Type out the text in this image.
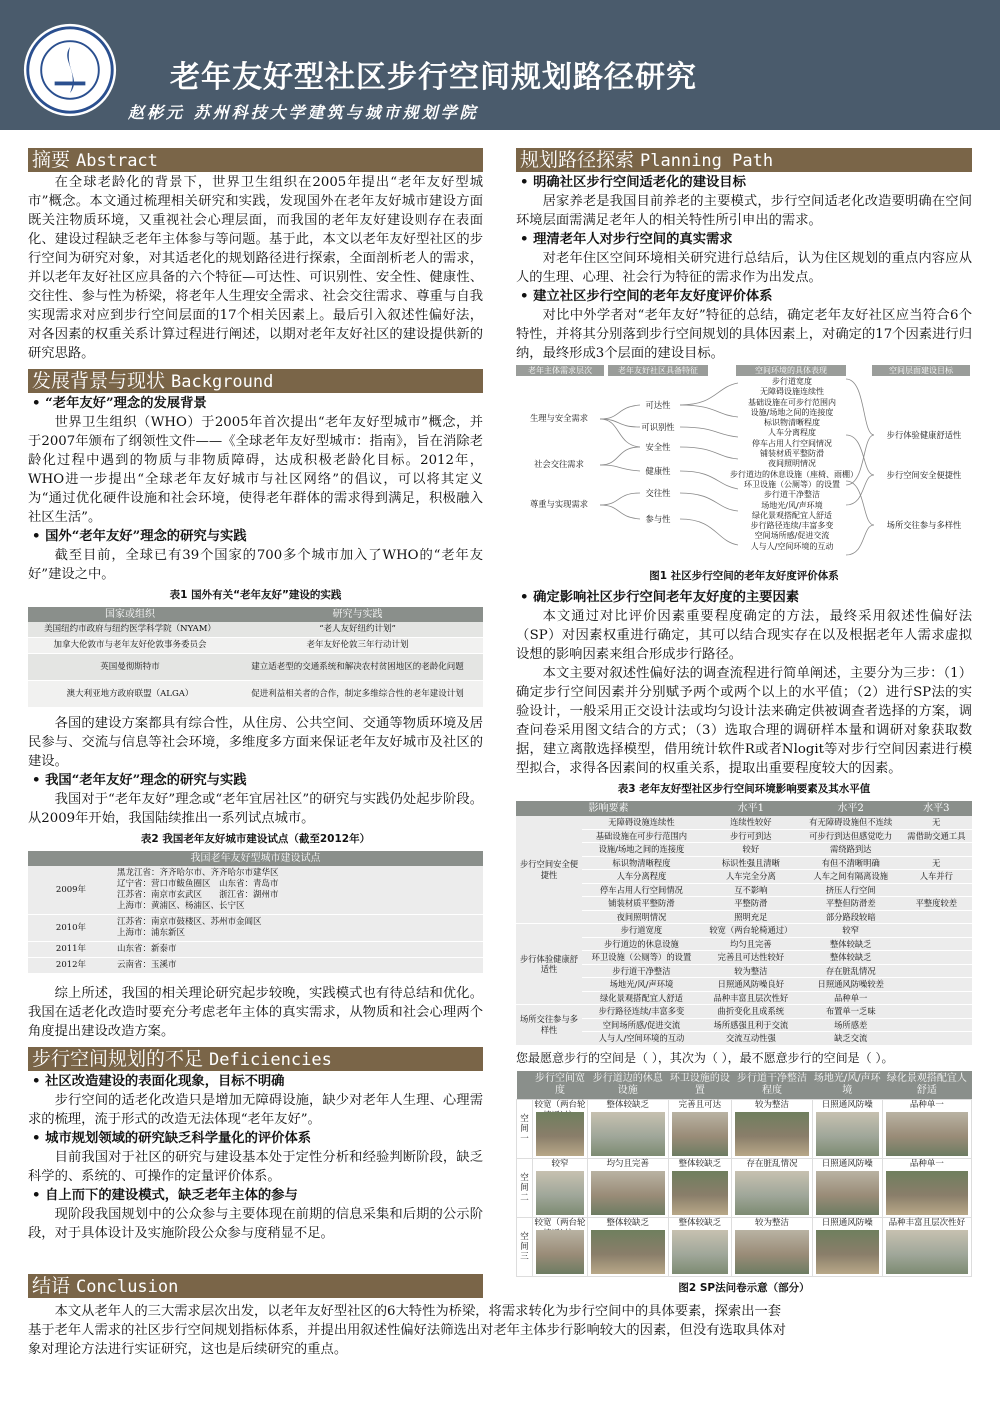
老年友好型社区步行空间规划路径研究
赵彬元 苏州科技大学建筑与城市规划学院
摘要 Abstract

在全球老龄化的背景下，世界卫生组织在2005年提出“老年友好型城市”概念。本文通过梳理相关研究和实践，发现国外在老年友好城市建设方面既关注物质环境，又重视社会心理层面，而我国的老年友好建设则存在表面化、建设过程缺乏老年主体参与等问题。基于此，本文以老年友好型社区的步行空间为研究对象，对其适老化的规划路径进行探索，全面剖析老人的需求，并以老年友好社区应具备的六个特征—可达性、可识别性、安全性、健康性、交往性、参与性为桥梁，将老年人生理安全需求、社会交往需求、尊重与自我实现需求对应到步行空间层面的17个相关因素上。最后引入叙述性偏好法，对各因素的权重关系计算过程进行阐述，以期对老年友好社区的建设提供新的研究思路。

发展背景与现状 Background
• “老年友好”理念的发展背景

世界卫生组织（WHO）于2005年首次提出“老年友好型城市”概念，并于2007年颁布了纲领性文件——《全球老年友好型城市：指南》，旨在消除老龄化过程中遇到的物质与非物质障碍，达成积极老龄化目标。2012年，WHO进一步提出“全球老年友好城市与社区网络”的倡议，可以将其定义为“通过优化硬件设施和社会环境，使得老年群体的需求得到满足，积极融入社区生活”。

• 国外“老年友好”理念的研究与实践

截至目前，全球已有39个国家的700多个城市加入了WHO的“老年友好”建设之中。

表1 国外有关“老年友好”建设的实践
国家或组织	研究与实践
美国纽约市政府与纽约医学科学院（NYAM）	“老人友好纽约计划”
加拿大伦敦市与老年友好伦敦事务委员会	老年友好伦敦三年行动计划
英国曼彻斯特市	建立适老型的交通系统和解决农村贫困地区的老龄化问题
澳大利亚地方政府联盟（ALGA）	促进利益相关者的合作，制定多维综合性的老年建设计划

各国的建设方案都具有综合性，从住房、公共空间、交通等物质环境及居民参与、交流与信息等社会环境，多维度多方面来保证老年友好城市及社区的建设。

• 我国“老年友好”理念的研究与实践

我国对于“老年友好”理念或“老年宜居社区”的研究与实践仍处起步阶段。从2009年开始，我国陆续推出一系列试点城市。

表2 我国老年友好城市建设试点（截至2012年）
我国老年友好型城市建设试点	
2009年	黑龙江省：齐齐哈尔市、齐齐哈尔市建华区
辽宁省：营口市鲅鱼圈区　山东省：青岛市
江苏省：南京市玄武区　　浙江省：湖州市
上海市：黄浦区、杨浦区、长宁区

2010年	江苏省：南京市鼓楼区、苏州市金阊区
上海市：浦东新区

2011年	山东省：新泰市

2012年	云南省：玉溪市

综上所述，我国的相关理论研究起步较晚，实践模式也有待总结和优化。我国在适老化改造时要充分考虑老年主体的真实需求，从物质和社会心理两个角度提出建设改造方案。

步行空间规划的不足 Deficiencies
• 社区改造建设的表面化现象，目标不明确

步行空间的适老化改造只是增加无障碍设施，缺少对老年人生理、心理需求的梳理，流于形式的改造无法体现“老年友好”。

• 城市规划领域的研究缺乏科学量化的评价体系

目前我国对于社区的研究与建设基本处于定性分析和经验判断阶段，缺乏科学的、系统的、可操作的定量评价体系。

• 自上而下的建设模式，缺乏老年主体的参与

现阶段我国规划中的公众参与主要体现在前期的信息采集和后期的公示阶段，对于具体设计及实施阶段公众参与度稍显不足。

结语 Conclusion

本文从老年人的三大需求层次出发，以老年友好型社区的6大特性为桥梁，将需求转化为步行空间中的具体要素，探索出一套基于老年人需求的社区步行空间规划指标体系，并提出用叙述性偏好法筛选出对老年主体步行影响较大的因素，但没有选取具体对象对理论方法进行实证研究，这也是后续研究的重点。

规划路径探索 Planning Path
• 明确社区步行空间适老化的建设目标

居家养老是我国目前养老的主要模式，步行空间适老化改造要明确在空间环境层面需满足老年人的相关特性所引申出的需求。

• 理清老年人对步行空间的真实需求

对老年住区空间环境相关研究进行总结后，认为住区规划的重点内容应从人的生理、心理、社会行为特征的需求作为出发点。

• 建立社区步行空间的老年友好度评价体系

对比中外学者对“老年友好”特征的总结，确定老年友好社区应当符合6个特性，并将其分别落到步行空间规划的具体因素上，对确定的17个因素进行归纳，最终形成3个层面的建设目标。

老年主体需求层次	老年友好社区具备特征	空间环境的具体表现	空间层面建设目标
生理与安全需求
社会交往需求
尊重与实现需求
可达性
可识别性
安全性
健康性
交往性
参与性
步行道宽度
无障碍设施连续性
基础设施在可步行范围内
设施/场地之间的连接度
标识物清晰程度
人车分离程度
停车占用人行空间情况
铺装材质平整防滑
夜间照明情况
步行道边的休息设施（座椅、雨棚）
环卫设施（公厕等）的设置
步行道干净整洁
场地光/风/声环境
绿化景观搭配宜人舒适
步行路径连续/丰富多变
空间场所感/促进交流
人与人/空间环境的互动
步行体验健康舒适性
步行空间安全便捷性
场所交往参与多样性
图1 社区步行空间的老年友好度评价体系
• 确定影响社区步行空间老年友好度的主要因素

本文通过对比评价因素重要程度确定的方法，最终采用叙述性偏好法（SP）对因素权重进行确定，其可以结合现实存在以及根据老年人需求虚拟设想的影响因素来组合形成步行路径。

本文主要对叙述性偏好法的调查流程进行简单阐述，主要分为三步：（1）确定步行空间因素并分别赋予两个或两个以上的水平值；（2）进行SP法的实验设计，一般采用正交设计法或均匀设计法来确定供被调查者选择的方案，调查问卷采用图文结合的方式；（3）选取合理的调研样本量和调研对象获取数据，建立离散选择模型，借用统计软件R或者Nlogit等对步行空间因素进行模型拟合，求得各因素间的权重关系，提取出重要程度较大的因素。

表3 老年友好型社区步行空间环境影响要素及其水平值
影响要素		水平1	水平2	水平3
步行空间安全便捷性	无障碍设施连续性	连续性较好	有无障碍设施但不连续	无
	基础设施在可步行范围内	步行可到达	可步行到达但感觉吃力	需借助交通工具
	设施/场地之间的连接度	较好	需绕路到达	
	标识物清晰程度	标识性强且清晰	有但不清晰明确	无
	人车分离程度	人车完全分离	人车之间有隔离设施	人车并行
	停车占用人行空间情况	互不影响	挤压人行空间	
	铺装材质平整防滑	平整防滑	平整但防滑差	平整度较差
	夜间照明情况	照明充足	部分路段较暗	
步行体验健康舒适性	步行道宽度	较宽（两台轮椅通过）	较窄	
	步行道边的休息设施	均匀且完善	整体较缺乏	
	环卫设施（公厕等）的设置	完善且可达性较好	整体较缺乏	
	步行道干净整洁	较为整洁	存在脏乱情况	
	场地光/风/声环境	日照通风防噪良好	日照通风防噪较差	
	绿化景观搭配宜人舒适	品种丰富且层次性好	品种单一	
场所交往参与多样性	步行路径连续/丰富多变	曲折变化且成系统	布置单一乏味	
	空间场所感/促进交流	场所感强且利于交流	场所感差	
	人与人/空间环境的互动	交流互动性强	缺乏交流	
您最愿意步行的空间是（ ），其次为（ ），最不愿意步行的空间是（ ）。
	步行空间宽度	步行道边的休息设施	环卫设施的设置	步行道干净整洁程度	场地光/风/声环境	绿化景观搭配宜人舒适
空间一	较宽（两台轮	整体较缺乏	完善且可达	较为整洁	日照通风防噪	品种单一

空间二	较窄	均匀且完善	整体较缺乏	存在脏乱情况	日照通风防噪	品种单一

空间三	较宽（两台轮	整体较缺乏	整体较缺乏	较为整洁	日照通风防噪	品种丰富且层次性好
图2 SP法问卷示意（部分）
